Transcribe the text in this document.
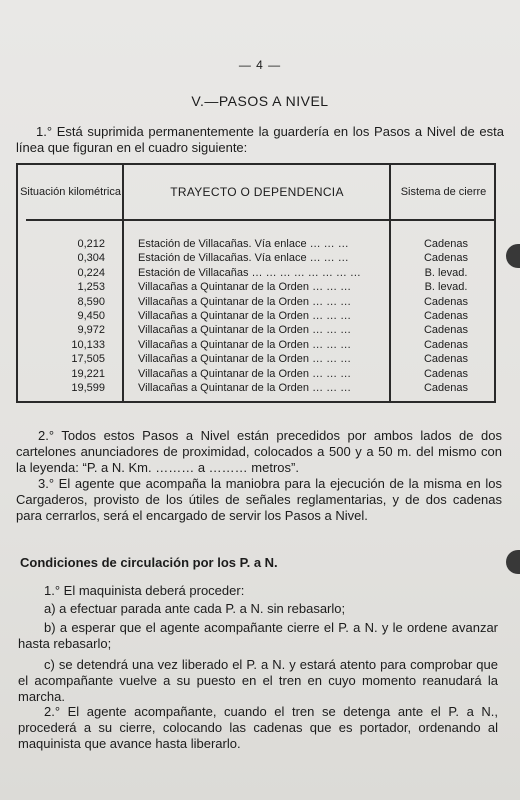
— 4 —
V.—PASOS A NIVEL
1.° Está suprimida permanentemente la guardería en los Pasos a Nivel de esta línea que figuran en el cuadro siguiente:
Situación kilométrica	TRAYECTO O DEPENDENCIA	Sistema de cierre
0,212	Estación de Villacañas. Vía enlace … … …	Cadenas
0,304	Estación de Villacañas. Vía enlace … … …	Cadenas
0,224	Estación de Villacañas … … … … … … … …	B. levad.
1,253	Villacañas a Quintanar de la Orden … … …	B. levad.
8,590	Villacañas a Quintanar de la Orden … … …	Cadenas
9,450	Villacañas a Quintanar de la Orden … … …	Cadenas
9,972	Villacañas a Quintanar de la Orden … … …	Cadenas
10,133	Villacañas a Quintanar de la Orden … … …	Cadenas
17,505	Villacañas a Quintanar de la Orden … … …	Cadenas
19,221	Villacañas a Quintanar de la Orden … … …	Cadenas
19,599	Villacañas a Quintanar de la Orden … … …	Cadenas
2.° Todos estos Pasos a Nivel están precedidos por ambos lados de dos cartelones anunciadores de proximidad, colocados a 500 y a 50 m. del mismo con la leyenda: “P. a N. Km. ……… a ……… metros”.
3.° El agente que acompaña la maniobra para la ejecución de la misma en los Cargaderos, provisto de los útiles de señales reglamentarias, y de dos cadenas para cerrarlos, será el encargado de servir los Pasos a Nivel.
Condiciones de circulación por los P. a N.
1.° El maquinista deberá proceder:
a) a efectuar parada ante cada P. a N. sin rebasarlo;
b) a esperar que el agente acompañante cierre el P. a N. y le ordene avanzar hasta rebasarlo;
c) se detendrá una vez liberado el P. a N. y estará atento para comprobar que el acompañante vuelve a su puesto en el tren en cuyo momento reanudará la marcha.
2.° El agente acompañante, cuando el tren se detenga ante el P. a N., procederá a su cierre, colocando las cadenas que es portador, ordenando al maquinista que avance hasta liberarlo.
